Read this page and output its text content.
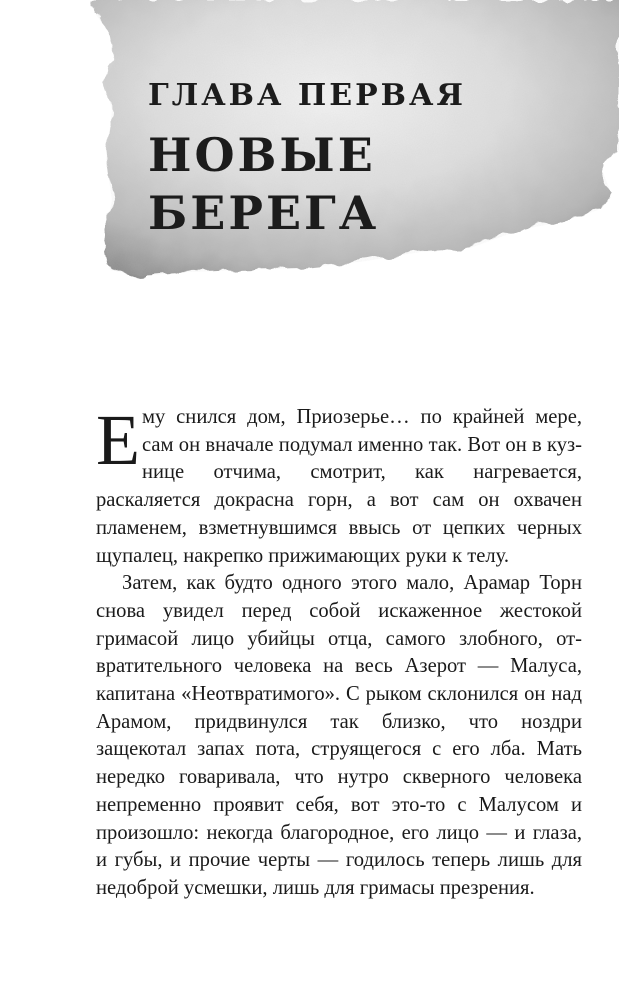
ГЛАВА ПЕРВАЯ
НОВЫЕ
БЕРЕГА

Ему снился дом, Приозерье… по крайней мере, сам он вначале подумал именно так. Вот он в кузнице отчима, смотрит, как нагревается, раскаляется докрасна горн, а вот сам он охвачен пламенем, взметнувшимся ввысь от цепких черных щупалец, накрепко прижимающих руки к телу.

Затем, как будто одного этого мало, Арамар Торн снова увидел перед собой искаженное жестокой гримасой лицо убийцы отца, самого злобного, отвратительного человека на весь Азерот — Малуса, капитана «Неотвратимого». С рыком склонился он над Арамом, придвинулся так близко, что ноздри защекотал запах пота, струящегося с его лба. Мать нередко говаривала, что нутро скверного человека непременно проявит себя, вот это-то с Малусом и произошло: некогда благородное, его лицо — и глаза, и губы, и прочие черты — годилось теперь лишь для недоброй усмешки, лишь для гримасы презрения.
